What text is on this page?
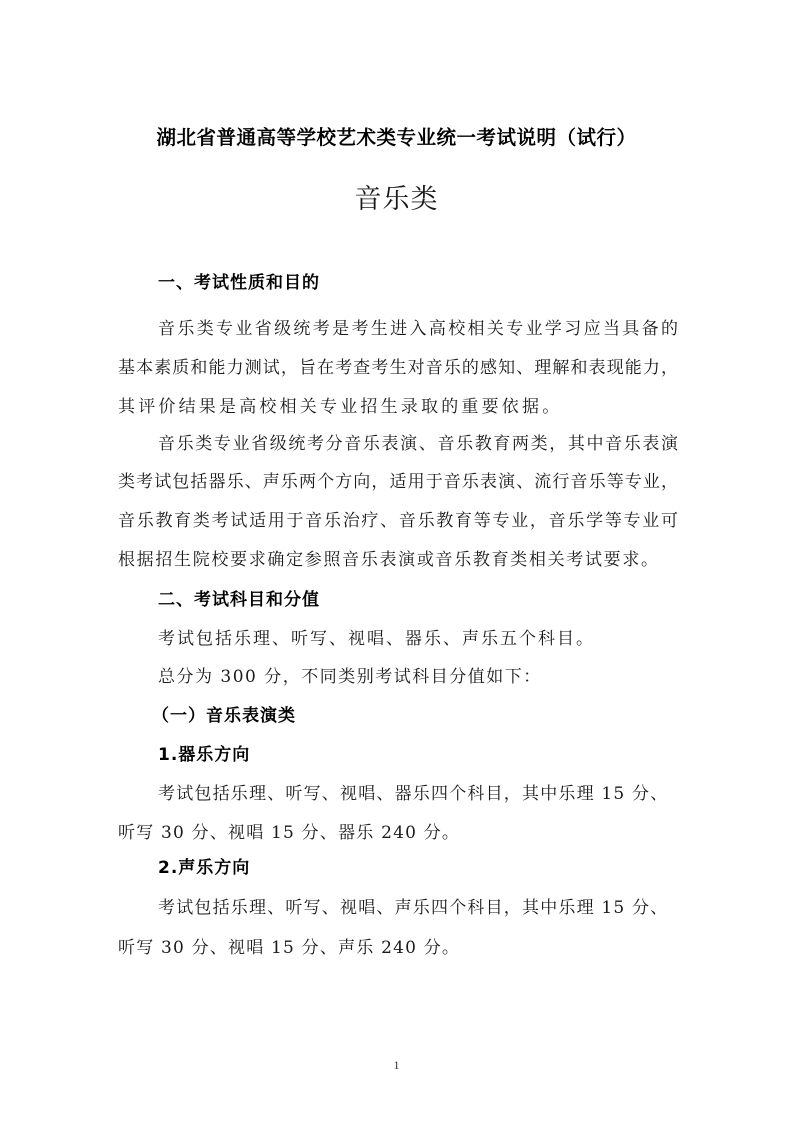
湖北省普通高等学校艺术类专业统一考试说明（试行）
音乐类
一、考试性质和目的
音乐类专业省级统考是考生进入高校相关专业学习应当具备的
基本素质和能力测试，旨在考查考生对音乐的感知、理解和表现能力，
其评价结果是高校相关专业招生录取的重要依据。
音乐类专业省级统考分音乐表演、音乐教育两类，其中音乐表演
类考试包括器乐、声乐两个方向，适用于音乐表演、流行音乐等专业，
音乐教育类考试适用于音乐治疗、音乐教育等专业，音乐学等专业可
根据招生院校要求确定参照音乐表演或音乐教育类相关考试要求。
二、考试科目和分值
考试包括乐理、听写、视唱、器乐、声乐五个科目。
总分为 300 分，不同类别考试科目分值如下：
（一）音乐表演类
1.器乐方向
考试包括乐理、听写、视唱、器乐四个科目，其中乐理 15 分、
听写 30 分、视唱 15 分、器乐 240 分。
2.声乐方向
考试包括乐理、听写、视唱、声乐四个科目，其中乐理 15 分、
听写 30 分、视唱 15 分、声乐 240 分。
1
